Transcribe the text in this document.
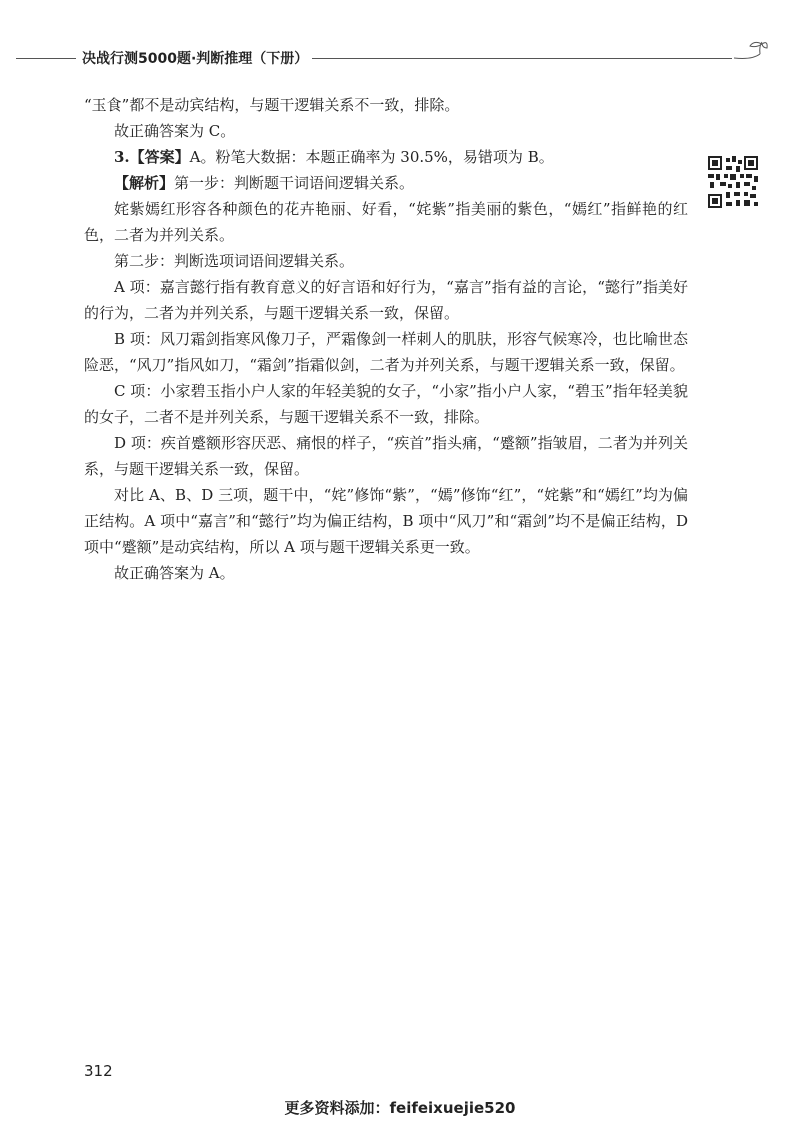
决战行测5000题·判断推理（下册）

“玉食”都不是动宾结构，与题干逻辑关系不一致，排除。

故正确答案为 C。

3.【答案】A。粉笔大数据：本题正确率为 30.5%，易错项为 B。

【解析】第一步：判断题干词语间逻辑关系。

姹紫嫣红形容各种颜色的花卉艳丽、好看，“姹紫”指美丽的紫色，“嫣红”指鲜艳的红色，二者为并列关系。

第二步：判断选项词语间逻辑关系。

A 项：嘉言懿行指有教育意义的好言语和好行为，“嘉言”指有益的言论，“懿行”指美好的行为，二者为并列关系，与题干逻辑关系一致，保留。

B 项：风刀霜剑指寒风像刀子，严霜像剑一样刺人的肌肤，形容气候寒冷，也比喻世态险恶，“风刀”指风如刀，“霜剑”指霜似剑，二者为并列关系，与题干逻辑关系一致，保留。

C 项：小家碧玉指小户人家的年轻美貌的女子，“小家”指小户人家，“碧玉”指年轻美貌的女子，二者不是并列关系，与题干逻辑关系不一致，排除。

D 项：疾首蹙额形容厌恶、痛恨的样子，“疾首”指头痛，“蹙额”指皱眉，二者为并列关系，与题干逻辑关系一致，保留。

对比 A、B、D 三项，题干中，“姹”修饰“紫”，“嫣”修饰“红”，“姹紫”和“嫣红”均为偏正结构。A 项中“嘉言”和“懿行”均为偏正结构，B 项中“风刀”和“霜剑”均不是偏正结构，D 项中“蹙额”是动宾结构，所以 A 项与题干逻辑关系更一致。

故正确答案为 A。

312
更多资料添加：feifeixuejie520
